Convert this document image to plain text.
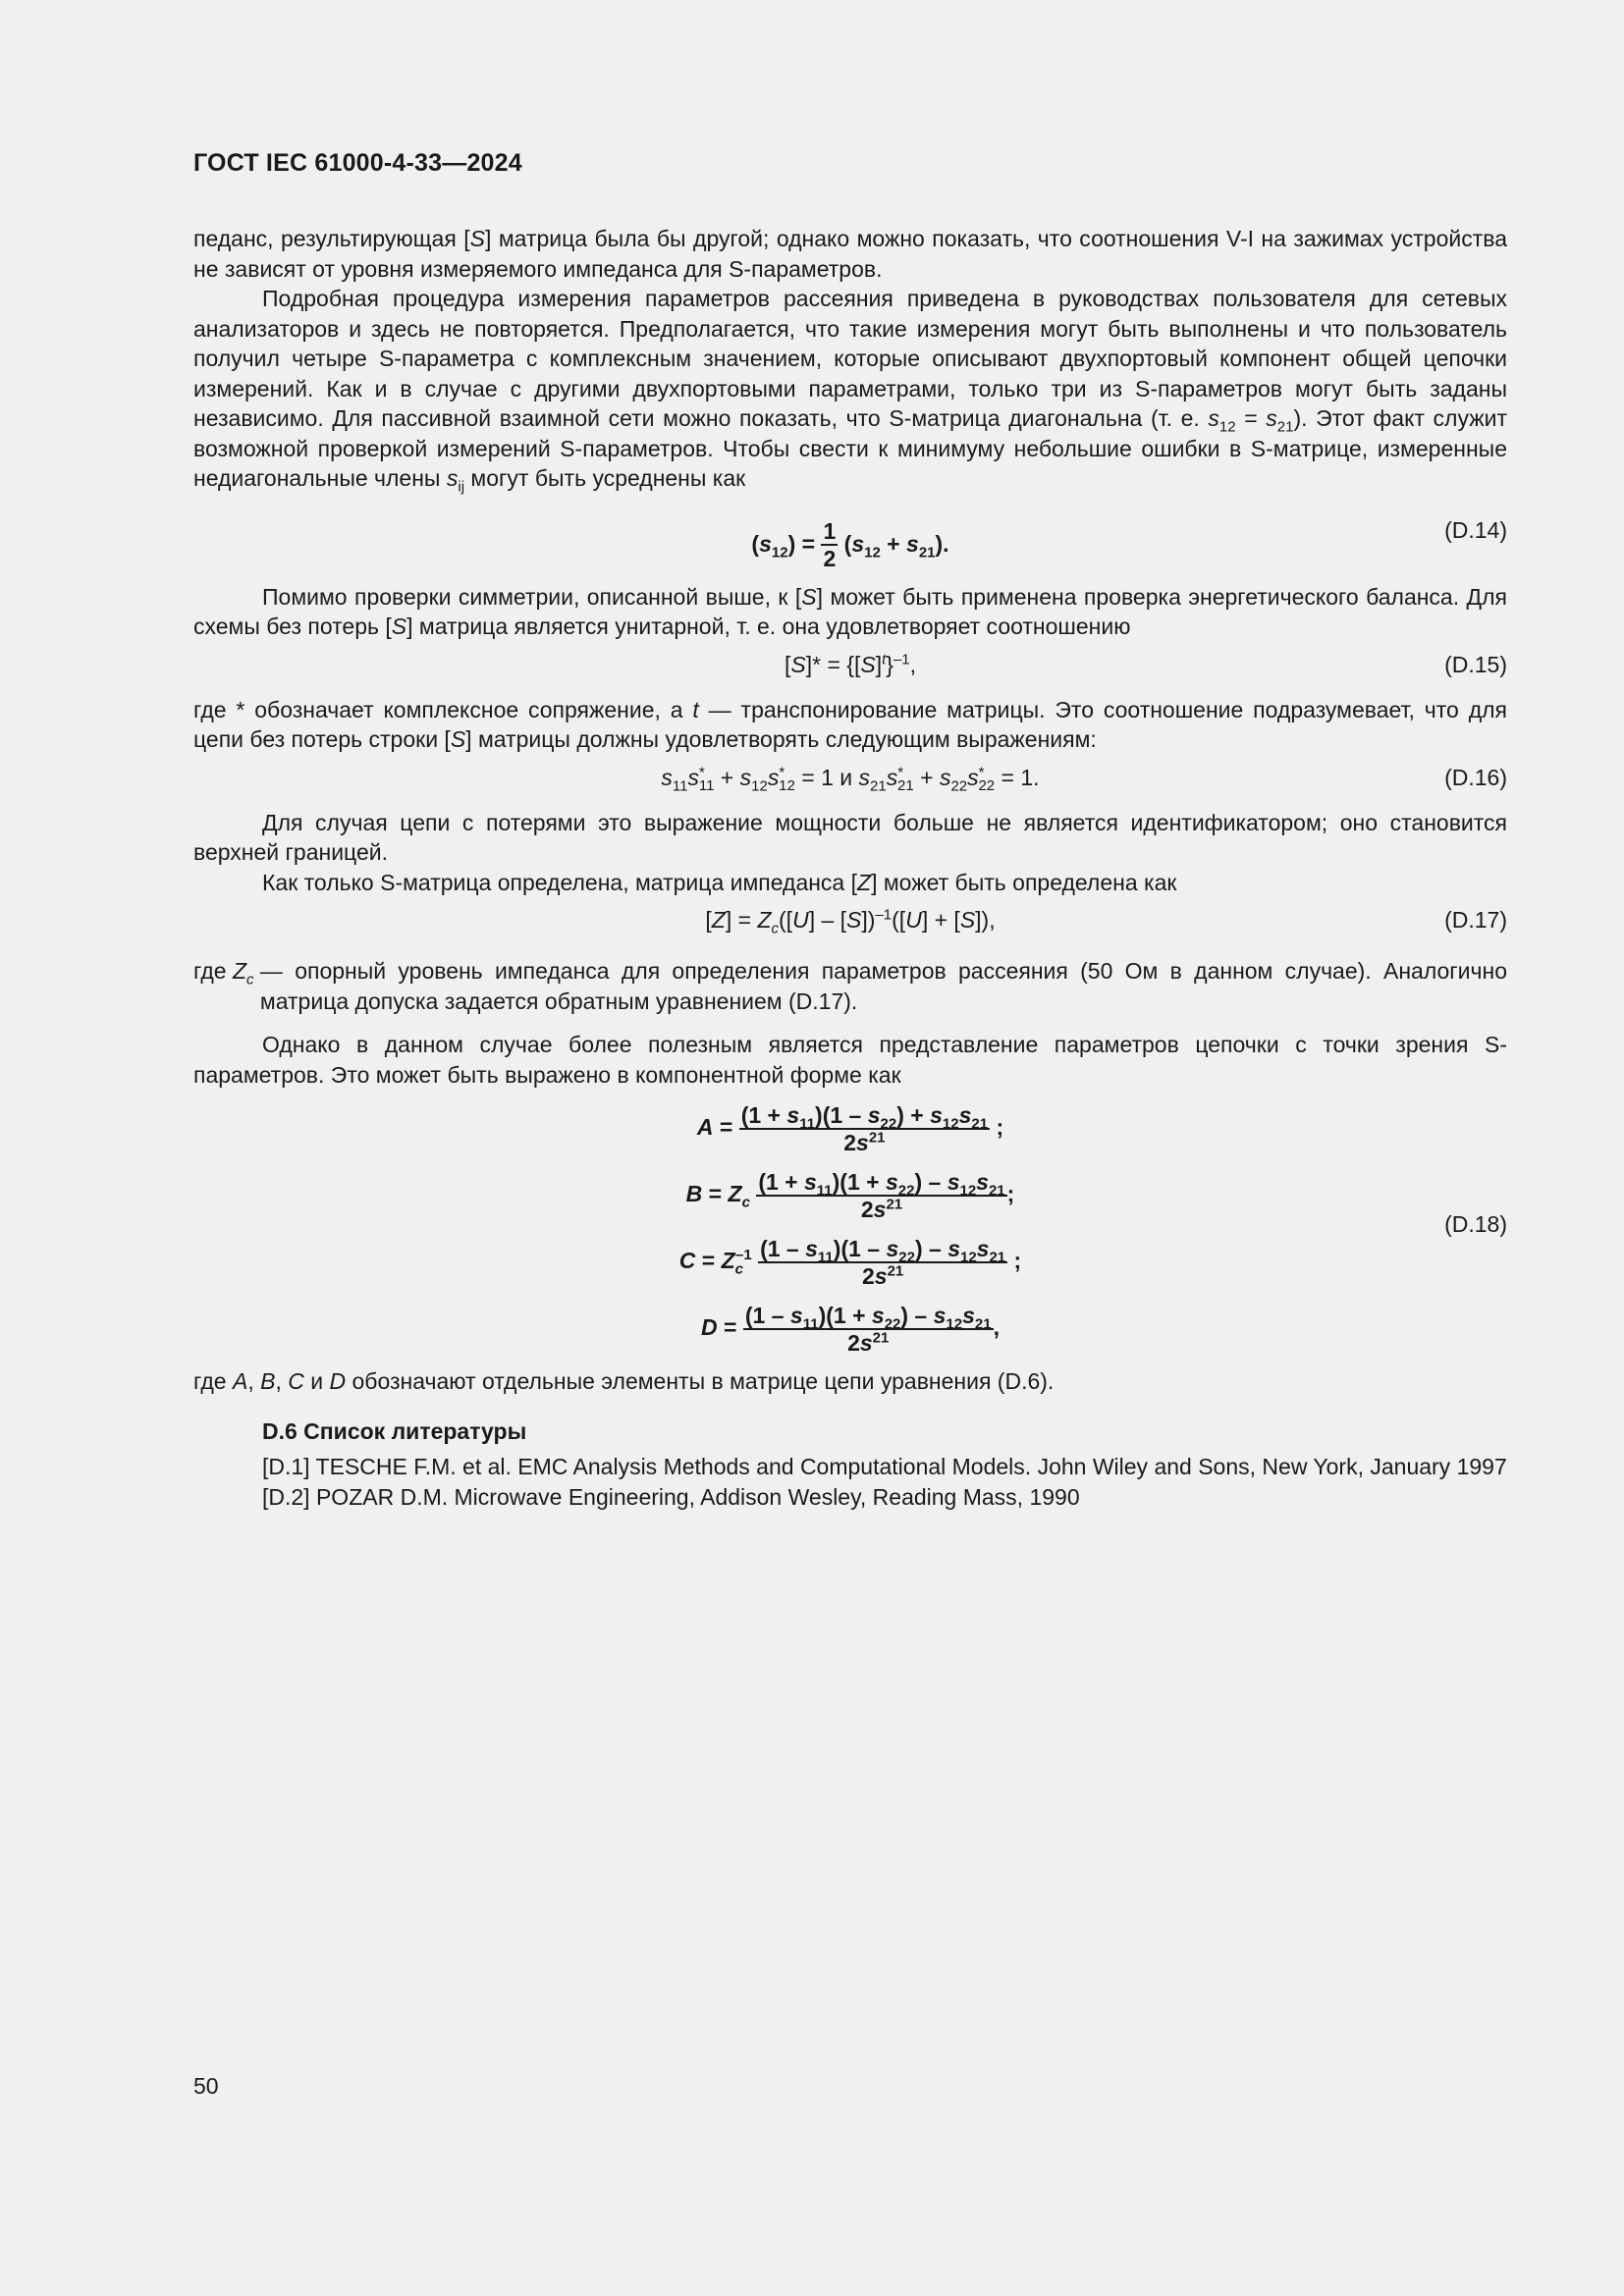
ГОСТ IEC 61000-4-33—2024

педанс, результирующая [S] матрица была бы другой; однако можно показать, что соотношения V-I на зажимах устройства не зависят от уровня измеряемого импеданса для S-параметров.

Подробная процедура измерения параметров рассеяния приведена в руководствах пользователя для сетевых анализаторов и здесь не повторяется. Предполагается, что такие измерения могут быть выполнены и что пользователь получил четыре S-параметра с комплексным значением, которые описывают двухпортовый компонент общей цепочки измерений. Как и в случае с другими двухпортовыми параметрами, только три из S-параметров могут быть заданы независимо. Для пассивной взаимной сети можно показать, что S-матрица диагональна (т. е. $s_{12} = s_{21}$). Этот факт служит возможной проверкой измерений S-параметров. Чтобы свести к минимуму небольшие ошибки в S-матрице, измеренные недиагональные члены $s_{ij}$ могут быть усреднены как

$(s_{12}) = \frac{1}{2} (s_{12} + s_{21})$.
(D.14)

Помимо проверки симметрии, описанной выше, к [S] может быть применена проверка энергетического баланса. Для схемы без потерь [S] матрица является унитарной, т. е. она удовлетворяет соотношению

$[S]* = \{[S]^t\}^{-1}$,	(D.15)

где * обозначает комплексное сопряжение, а t — транспонирование матрицы. Это соотношение подразумевает, что для цепи без потерь строки [S] матрицы должны удовлетворять следующим выражениям:

$s_{11}s^*_{11} + s_{12}s^*_{12} = 1$ и $s_{21}s^*_{21} + s_{22}s^*_{22} = 1$.	(D.16)

Для случая цепи с потерями это выражение мощности больше не является идентификатором; оно становится верхней границей.

Как только S-матрица определена, матрица импеданса [Z] может быть определена как

$[Z] = Z_c([U] - [S])^{-1}([U] + [S])$,	(D.17)
где $Z_c$ — опорный уровень импеданса для определения параметров рассеяния (50 Ом в данном случае). Аналогично матрица допуска задается обратным уравнением (D.17).

Однако в данном случае более полезным является представление параметров цепочки с точки зрения S-параметров. Это может быть выражено в компонентной форме как

$A = \frac{(1 + s_{11})(1 - s_{22}) + s_{12}s_{21}}{2s^{21}}$ ;
$B = Z_c \frac{(1 + s_{11})(1 + s_{22}) - s_{12}s_{21}}{2s^{21}}$ ;
$C = Z_c^{-1} \frac{(1 - s_{11})(1 - s_{22}) - s_{12}s_{21}}{2s^{21}}$ ;
$D = \frac{(1 - s_{11})(1 + s_{22}) - s_{12}s_{21}}{2s^{21}}$ ,
(D.18)

где A, B, C и D обозначают отдельные элементы в матрице цепи уравнения (D.6).

D.6 Список литературы

[D.1] TESCHE F.M. et al. EMC Analysis Methods and Computational Models. John Wiley and Sons, New York, January 1997

[D.2] POZAR D.M. Microwave Engineering, Addison Wesley, Reading Mass, 1990

50
